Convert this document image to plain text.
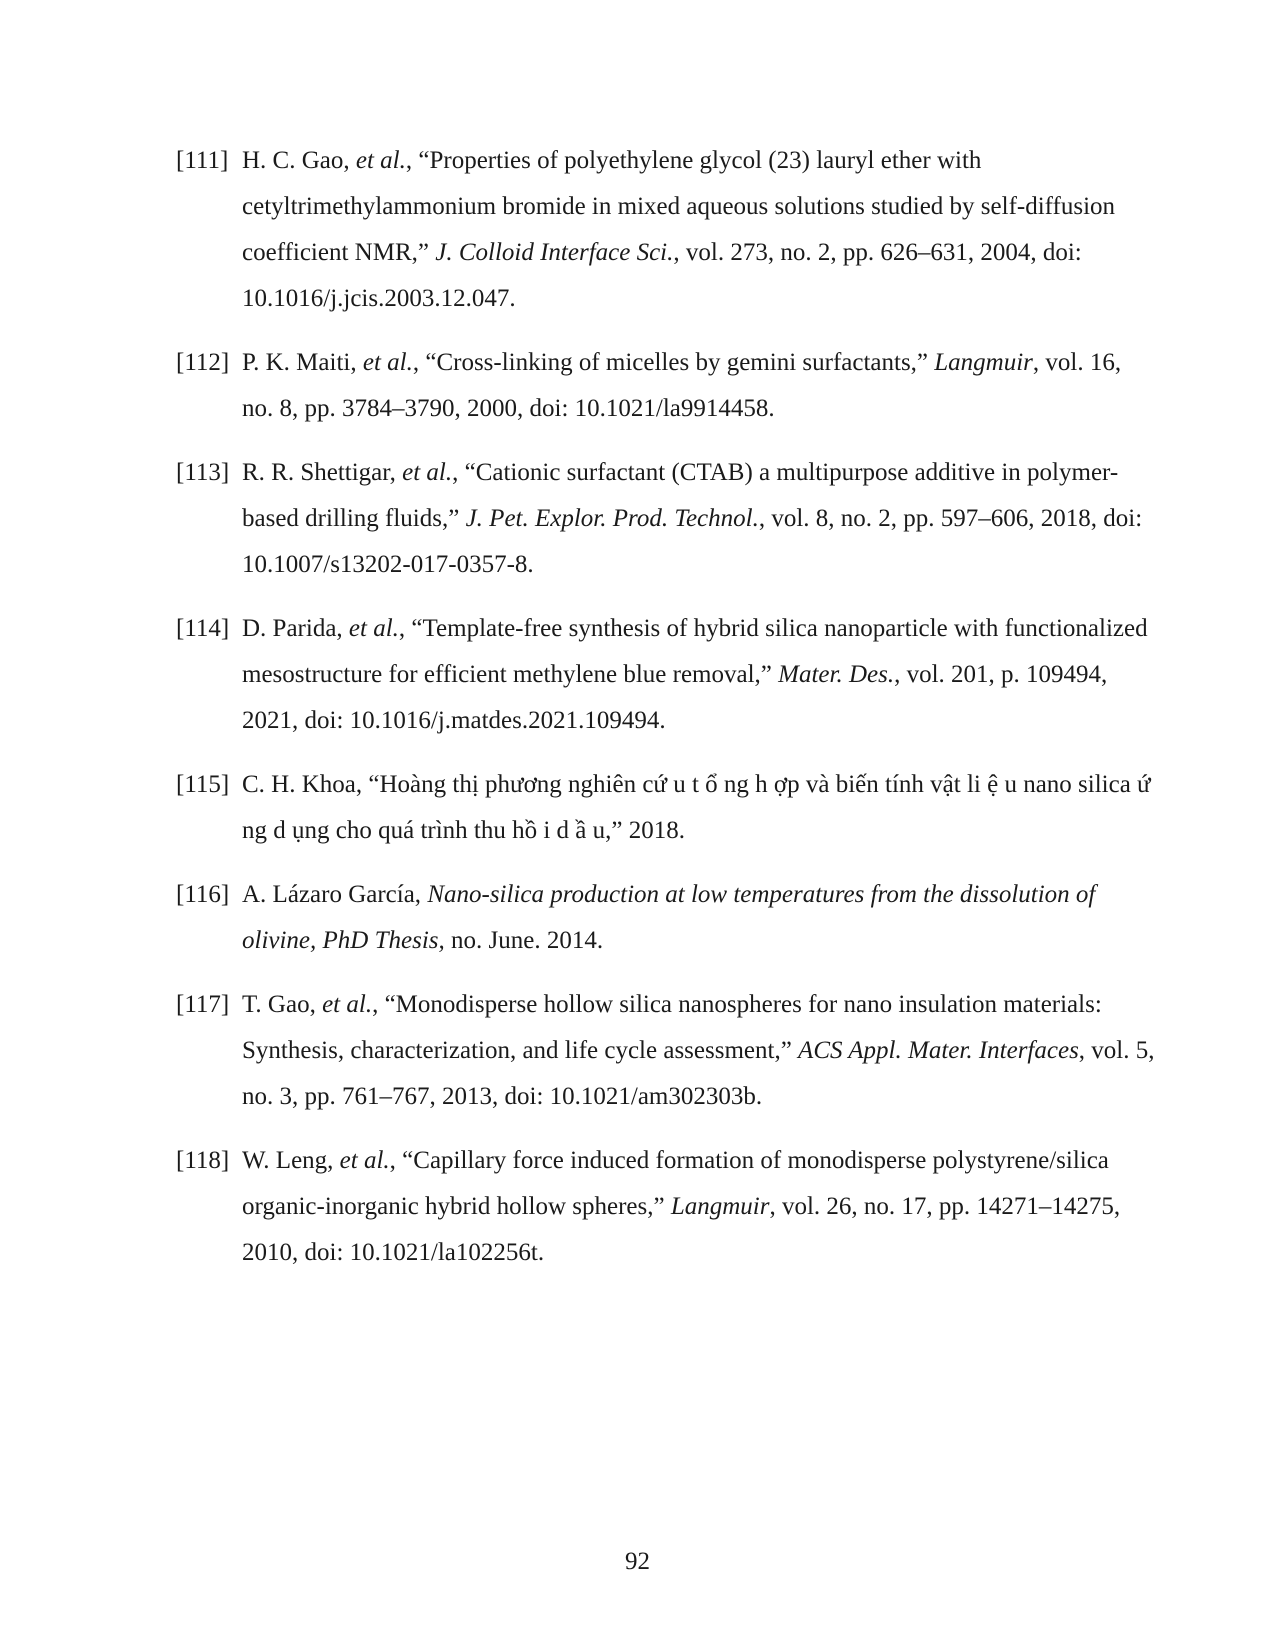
[111] H. C. Gao, et al., “Properties of polyethylene glycol (23) lauryl ether with cetyltrimethylammonium bromide in mixed aqueous solutions studied by self-diffusion coefficient NMR,” J. Colloid Interface Sci., vol. 273, no. 2, pp. 626–631, 2004, doi: 10.1016/j.jcis.2003.12.047.
[112] P. K. Maiti, et al., “Cross-linking of micelles by gemini surfactants,” Langmuir, vol. 16, no. 8, pp. 3784–3790, 2000, doi: 10.1021/la9914458.
[113] R. R. Shettigar, et al., “Cationic surfactant (CTAB) a multipurpose additive in polymer-based drilling fluids,” J. Pet. Explor. Prod. Technol., vol. 8, no. 2, pp. 597–606, 2018, doi: 10.1007/s13202-017-0357-8.
[114] D. Parida, et al., “Template-free synthesis of hybrid silica nanoparticle with functionalized mesostructure for efficient methylene blue removal,” Mater. Des., vol. 201, p. 109494, 2021, doi: 10.1016/j.matdes.2021.109494.
[115] C. H. Khoa, “Hoàng thị phương nghiên cứ u t ổ ng h ợp và biến tính vật li ệ u nano silica ứ ng d ụng cho quá trình thu hồ i d ầ u,” 2018.
[116] A. Lázaro García, Nano-silica production at low temperatures from the dissolution of olivine, PhD Thesis, no. June. 2014.
[117] T. Gao, et al., “Monodisperse hollow silica nanospheres for nano insulation materials: Synthesis, characterization, and life cycle assessment,” ACS Appl. Mater. Interfaces, vol. 5, no. 3, pp. 761–767, 2013, doi: 10.1021/am302303b.
[118] W. Leng, et al., “Capillary force induced formation of monodisperse polystyrene/silica organic-inorganic hybrid hollow spheres,” Langmuir, vol. 26, no. 17, pp. 14271–14275, 2010, doi: 10.1021/la102256t.
92
